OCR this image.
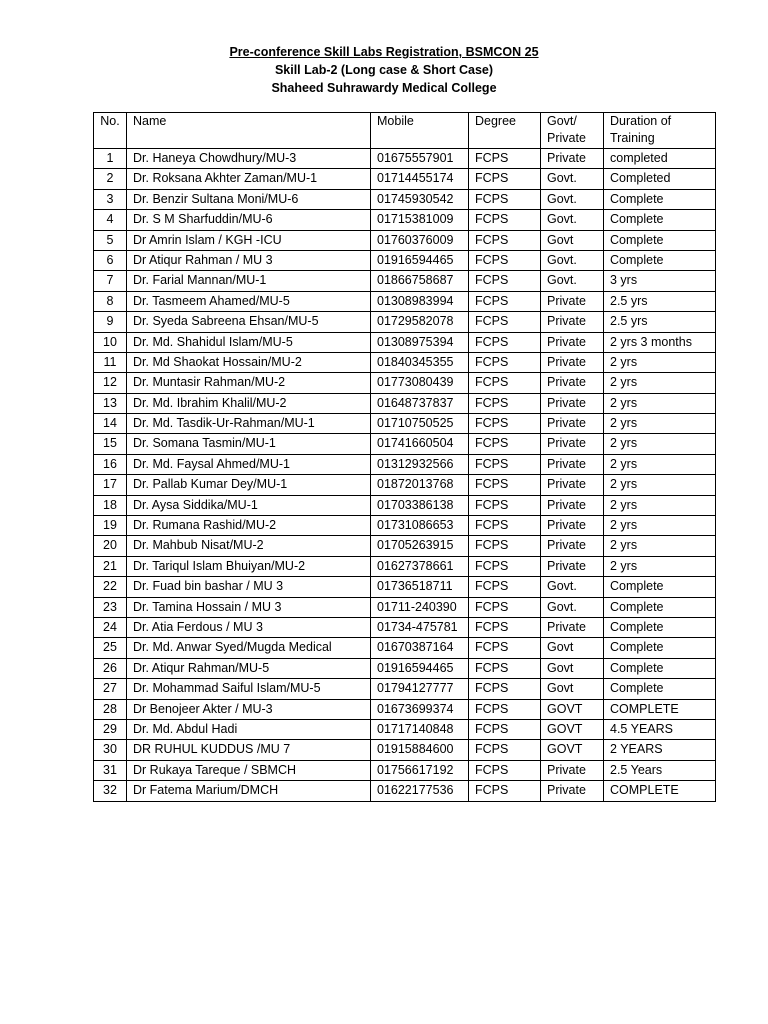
Pre-conference Skill Labs Registration, BSMCON 25
Skill Lab-2 (Long case & Short Case)
Shaheed Suhrawardy Medical College
No.	Name	Mobile	Degree	Govt/ Private	Duration of Training
1	Dr. Haneya Chowdhury/MU-3	01675557901	FCPS	Private	completed
2	Dr. Roksana Akhter Zaman/MU-1	01714455174	FCPS	Govt.	Completed
3	Dr. Benzir Sultana Moni/MU-6	01745930542	FCPS	Govt.	Complete
4	Dr. S M Sharfuddin/MU-6	01715381009	FCPS	Govt.	Complete
5	Dr Amrin Islam / KGH -ICU	01760376009	FCPS	Govt	Complete
6	Dr Atiqur Rahman / MU 3	01916594465	FCPS	Govt.	Complete
7	Dr. Farial Mannan/MU-1	01866758687	FCPS	Govt.	3 yrs
8	Dr. Tasmeem Ahamed/MU-5	01308983994	FCPS	Private	2.5 yrs
9	Dr. Syeda Sabreena Ehsan/MU-5	01729582078	FCPS	Private	2.5 yrs
10	Dr. Md. Shahidul Islam/MU-5	01308975394	FCPS	Private	2 yrs 3 months
11	Dr. Md Shaokat Hossain/MU-2	01840345355	FCPS	Private	2 yrs
12	Dr. Muntasir Rahman/MU-2	01773080439	FCPS	Private	2 yrs
13	Dr. Md. Ibrahim Khalil/MU-2	01648737837	FCPS	Private	2 yrs
14	Dr. Md. Tasdik-Ur-Rahman/MU-1	01710750525	FCPS	Private	2 yrs
15	Dr. Somana Tasmin/MU-1	01741660504	FCPS	Private	2 yrs
16	Dr. Md. Faysal Ahmed/MU-1	01312932566	FCPS	Private	2 yrs
17	Dr. Pallab Kumar Dey/MU-1	01872013768	FCPS	Private	2 yrs
18	Dr. Aysa Siddika/MU-1	01703386138	FCPS	Private	2 yrs
19	Dr. Rumana Rashid/MU-2	01731086653	FCPS	Private	2 yrs
20	Dr. Mahbub Nisat/MU-2	01705263915	FCPS	Private	2 yrs
21	Dr. Tariqul Islam Bhuiyan/MU-2	01627378661	FCPS	Private	2 yrs
22	Dr. Fuad bin bashar / MU 3	01736518711	FCPS	Govt.	Complete
23	Dr. Tamina Hossain / MU 3	01711-240390	FCPS	Govt.	Complete
24	Dr. Atia Ferdous / MU 3	01734-475781	FCPS	Private	Complete
25	Dr. Md. Anwar Syed/Mugda Medical	01670387164	FCPS	Govt	Complete
26	Dr. Atiqur Rahman/MU-5	01916594465	FCPS	Govt	Complete
27	Dr. Mohammad Saiful Islam/MU-5	01794127777	FCPS	Govt	Complete
28	Dr Benojeer Akter / MU-3	01673699374	FCPS	GOVT	COMPLETE
29	Dr. Md. Abdul Hadi	01717140848	FCPS	GOVT	4.5 YEARS
30	DR RUHUL KUDDUS /MU 7	01915884600	FCPS	GOVT	2 YEARS
31	Dr Rukaya Tareque / SBMCH	01756617192	FCPS	Private	2.5 Years
32	Dr Fatema Marium/DMCH	01622177536	FCPS	Private	COMPLETE
